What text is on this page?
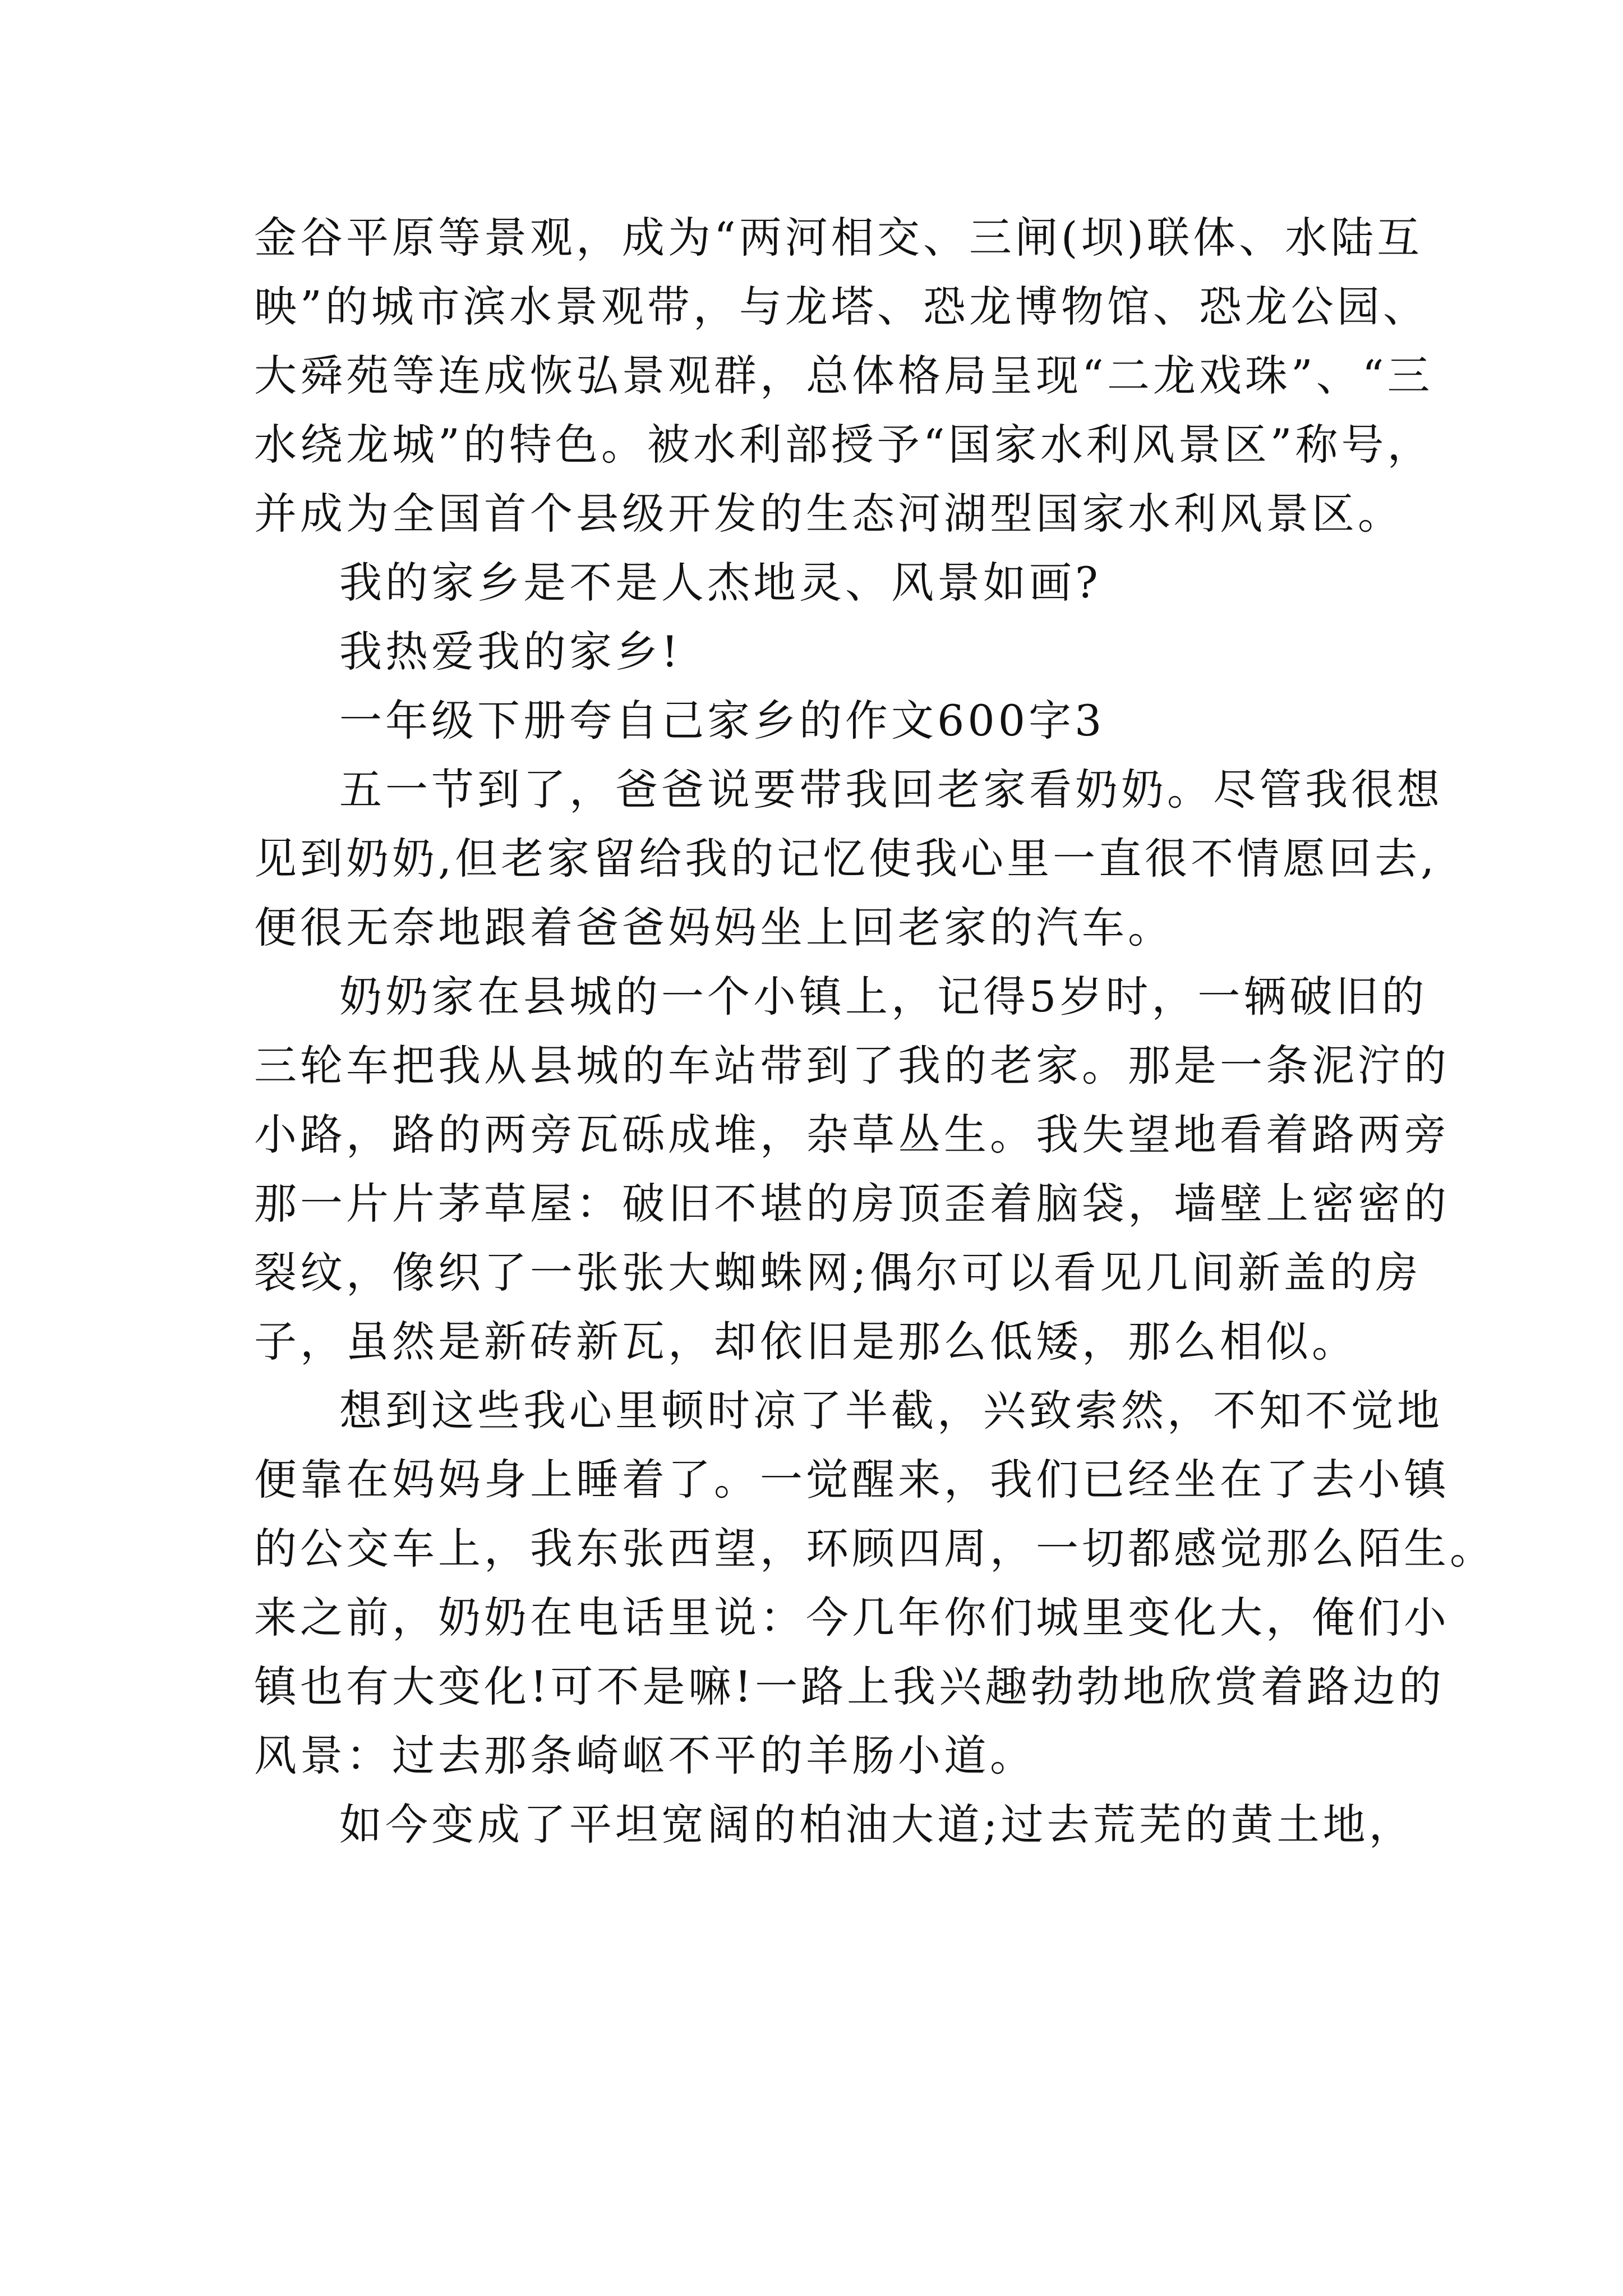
金谷平原等景观，成为“两河相交、三闸(坝)联体、水陆互
映”的城市滨水景观带，与龙塔、恐龙博物馆、恐龙公园、
大舜苑等连成恢弘景观群，总体格局呈现“二龙戏珠”、“三
水绕龙城”的特色。被水利部授予“国家水利风景区”称号，
并成为全国首个县级开发的生态河湖型国家水利风景区。
我的家乡是不是人杰地灵、风景如画?
我热爱我的家乡!
一年级下册夸自己家乡的作文600字3
五一节到了，爸爸说要带我回老家看奶奶。尽管我很想
见到奶奶,但老家留给我的记忆使我心里一直很不情愿回去,
便很无奈地跟着爸爸妈妈坐上回老家的汽车。
奶奶家在县城的一个小镇上，记得5岁时，一辆破旧的
三轮车把我从县城的车站带到了我的老家。那是一条泥泞的
小路，路的两旁瓦砾成堆，杂草丛生。我失望地看着路两旁
那一片片茅草屋：破旧不堪的房顶歪着脑袋，墙壁上密密的
裂纹，像织了一张张大蜘蛛网;偶尔可以看见几间新盖的房
子，虽然是新砖新瓦，却依旧是那么低矮，那么相似。
想到这些我心里顿时凉了半截，兴致索然，不知不觉地
便靠在妈妈身上睡着了。一觉醒来，我们已经坐在了去小镇
的公交车上，我东张西望，环顾四周，一切都感觉那么陌生。
来之前，奶奶在电话里说：今几年你们城里变化大，俺们小
镇也有大变化!可不是嘛!一路上我兴趣勃勃地欣赏着路边的
风景：过去那条崎岖不平的羊肠小道。
如今变成了平坦宽阔的柏油大道;过去荒芜的黄土地，
